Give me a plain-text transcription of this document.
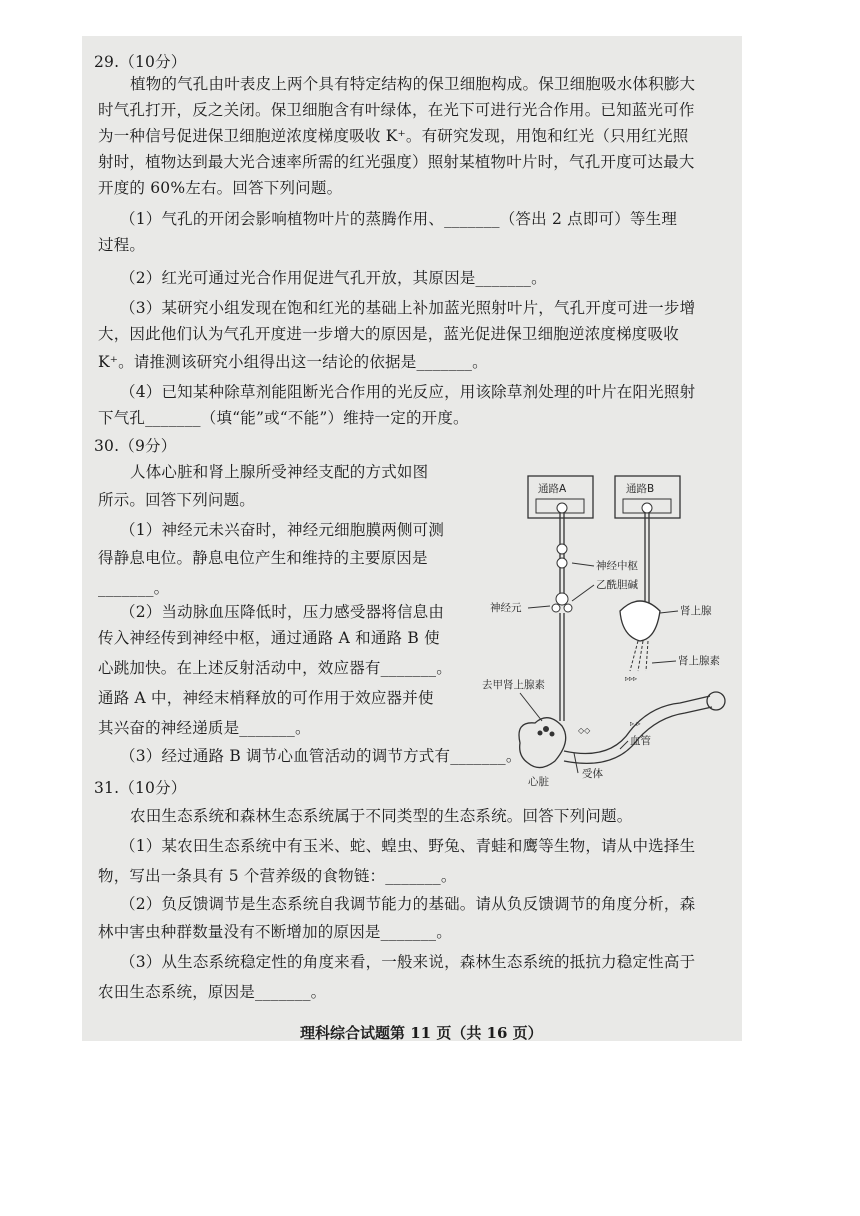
29.（10分）
植物的气孔由叶表皮上两个具有特定结构的保卫细胞构成。保卫细胞吸水体积膨大
时气孔打开，反之关闭。保卫细胞含有叶绿体，在光下可进行光合作用。已知蓝光可作
为一种信号促进保卫细胞逆浓度梯度吸收 K⁺。有研究发现，用饱和红光（只用红光照
射时，植物达到最大光合速率所需的红光强度）照射某植物叶片时，气孔开度可达最大
开度的 60%左右。回答下列问题。
（1）气孔的开闭会影响植物叶片的蒸腾作用、_______（答出 2 点即可）等生理
过程。
（2）红光可通过光合作用促进气孔开放，其原因是_______。
（3）某研究小组发现在饱和红光的基础上补加蓝光照射叶片，气孔开度可进一步增
大，因此他们认为气孔开度进一步增大的原因是，蓝光促进保卫细胞逆浓度梯度吸收
K⁺。请推测该研究小组得出这一结论的依据是_______。
（4）已知某种除草剂能阻断光合作用的光反应，用该除草剂处理的叶片在阳光照射
下气孔_______（填“能”或“不能”）维持一定的开度。
30.（9分）
人体心脏和肾上腺所受神经支配的方式如图
所示。回答下列问题。
（1）神经元未兴奋时，神经元细胞膜两侧可测
得静息电位。静息电位产生和维持的主要原因是
_______。
（2）当动脉血压降低时，压力感受器将信息由
传入神经传到神经中枢，通过通路 A 和通路 B 使
心跳加快。在上述反射活动中，效应器有_______。
通路 A 中，神经末梢释放的可作用于效应器并使
其兴奋的神经递质是_______。
（3）经过通路 B 调节心血管活动的调节方式有_______。
通路A	通路B
神经中枢
乙酰胆碱
神经元	肾上腺
▹▹▹
肾上腺素
去甲肾上腺素
心脏
◇◇
受体
▹ ▹
血管
31.（10分）
农田生态系统和森林生态系统属于不同类型的生态系统。回答下列问题。
（1）某农田生态系统中有玉米、蛇、蝗虫、野兔、青蛙和鹰等生物，请从中选择生
物，写出一条具有 5 个营养级的食物链：_______。
（2）负反馈调节是生态系统自我调节能力的基础。请从负反馈调节的角度分析，森
林中害虫种群数量没有不断增加的原因是_______。
（3）从生态系统稳定性的角度来看，一般来说，森林生态系统的抵抗力稳定性高于
农田生态系统，原因是_______。
理科综合试题第 11 页（共 16 页）
